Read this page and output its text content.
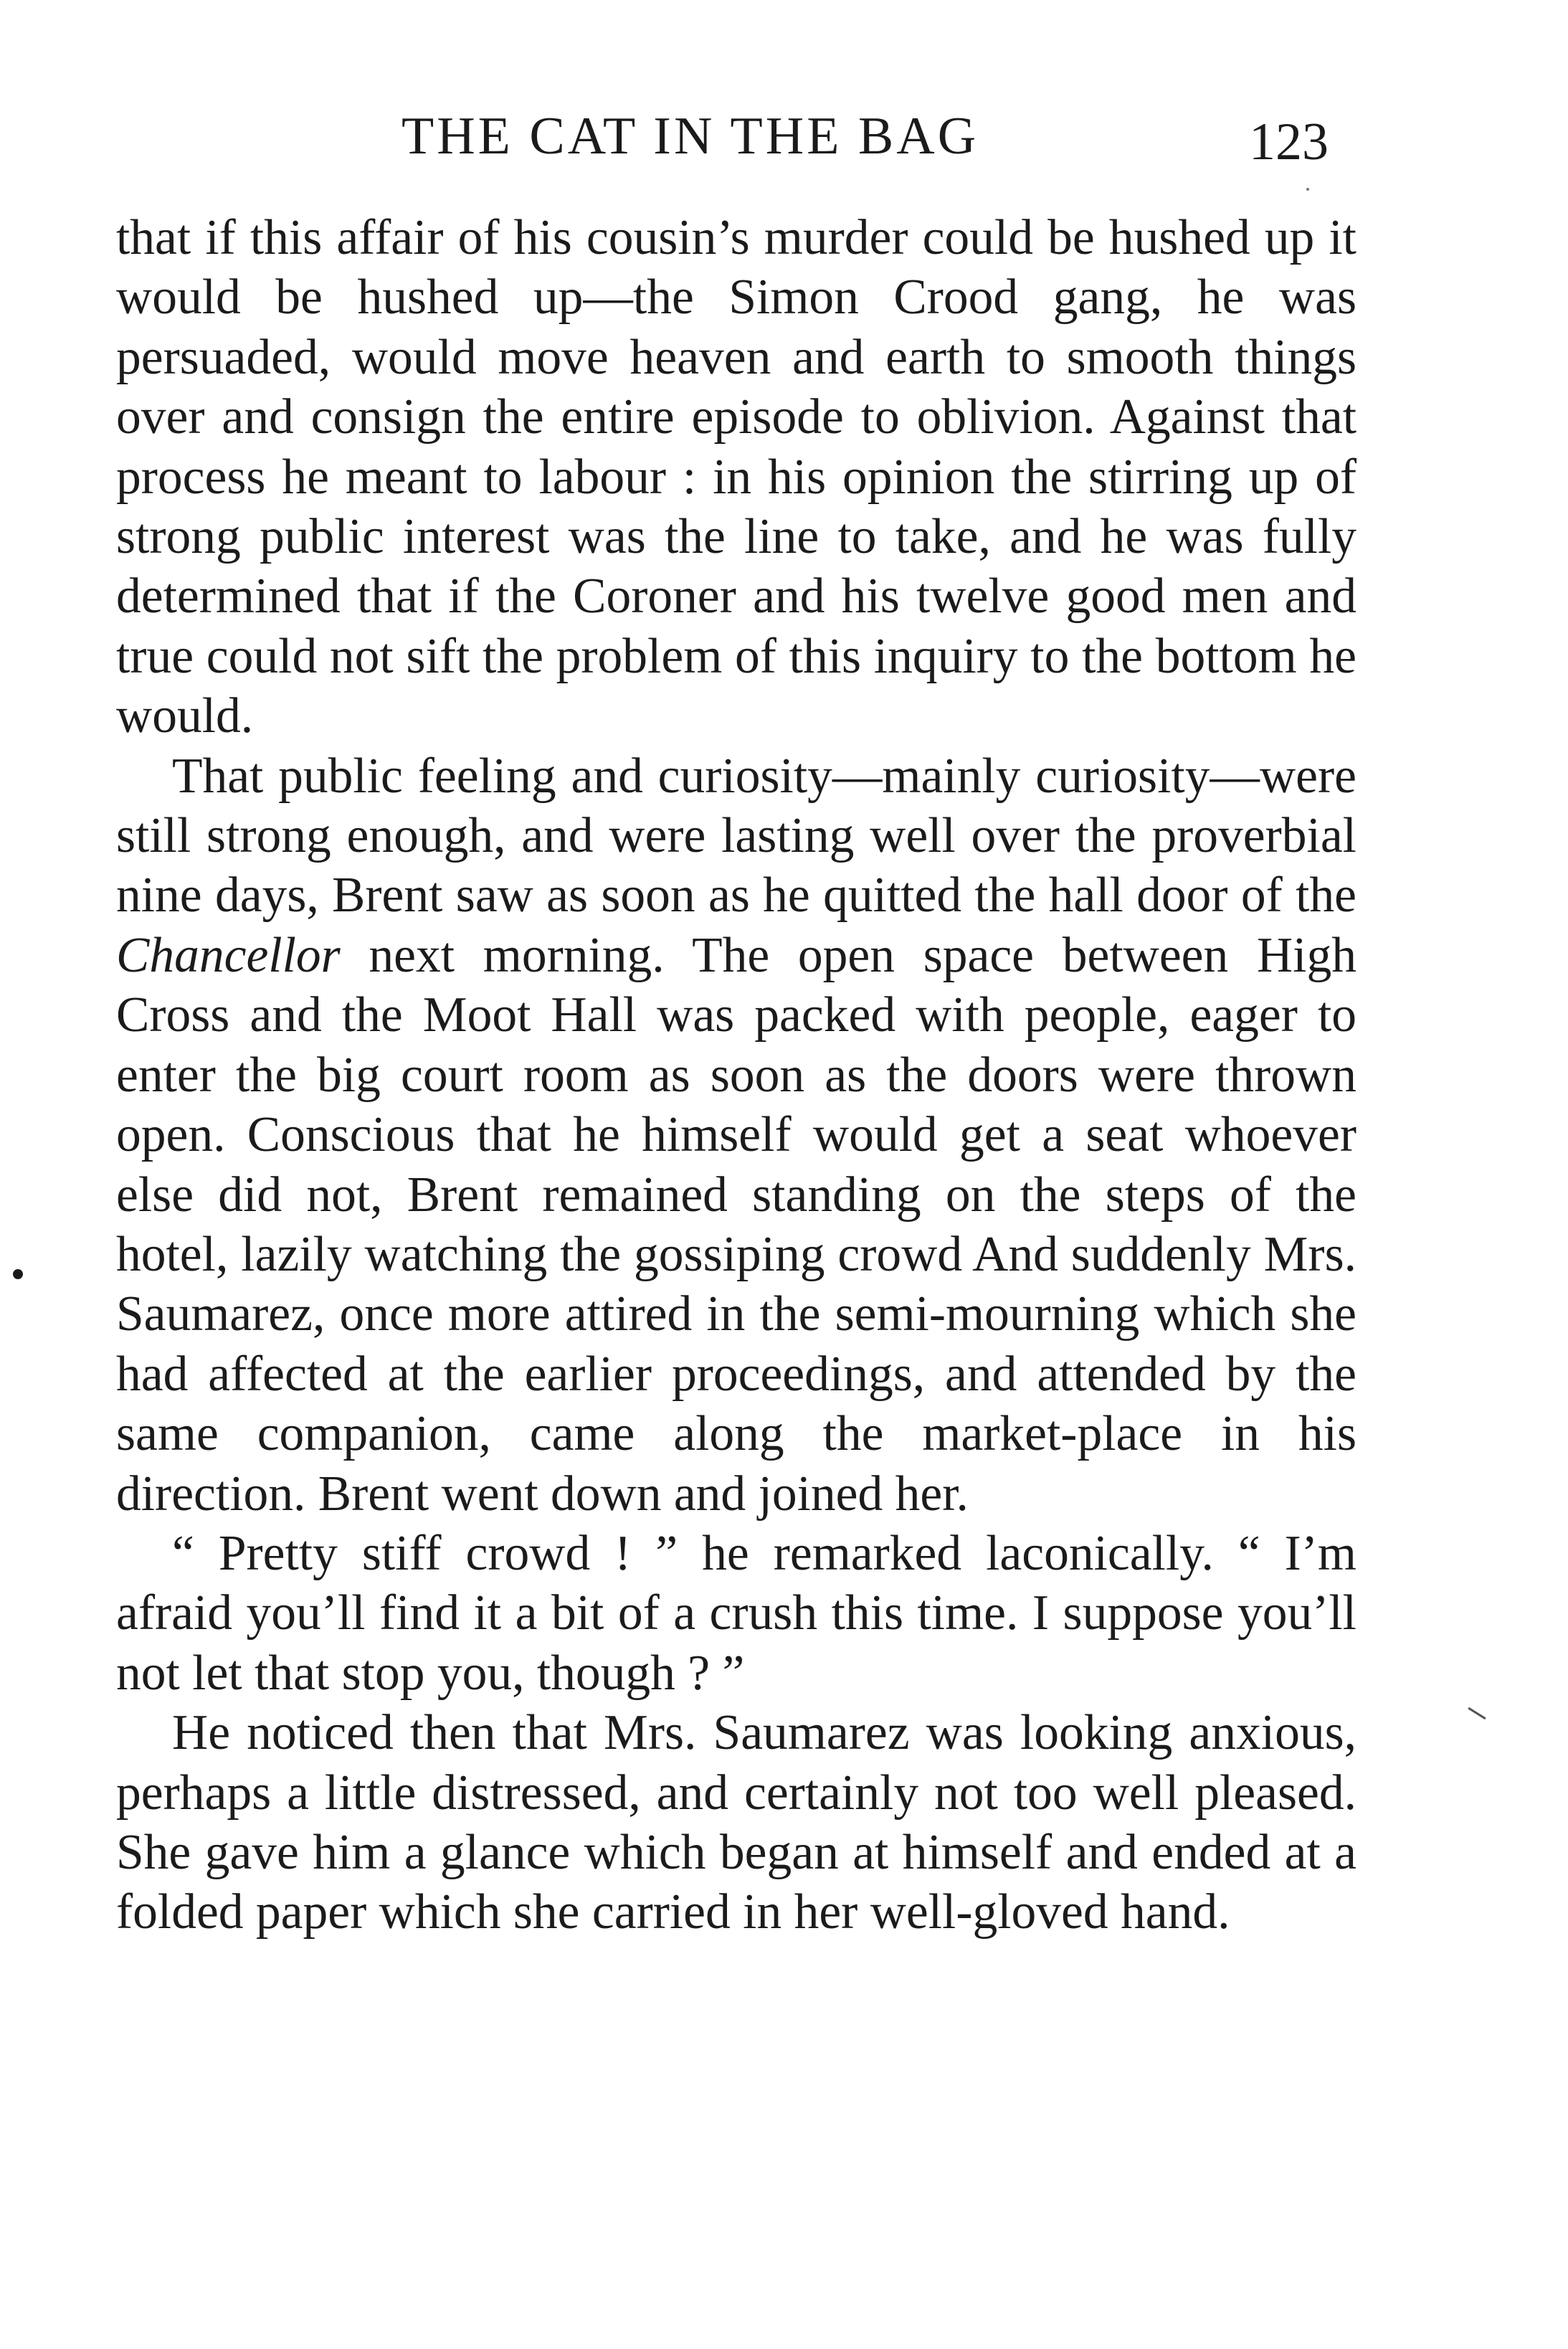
THE CAT IN THE BAG	123

that if this affair of his cousin’s murder could be hushed up it would be hushed up—the Simon Crood gang, he was persuaded, would move heaven and earth to smooth things over and consign the entire episode to oblivion. Against that process he meant to labour : in his opinion the stirring up of strong public interest was the line to take, and he was fully determined that if the Coroner and his twelve good men and true could not sift the problem of this inquiry to the bottom he would.

That public feeling and curiosity—mainly curiosity—were still strong enough, and were lasting well over the proverbial nine days, Brent saw as soon as he quitted the hall door of the Chancellor next morning. The open space between High Cross and the Moot Hall was packed with people, eager to enter the big court room as soon as the doors were thrown open. Conscious that he himself would get a seat whoever else did not, Brent remained standing on the steps of the hotel, lazily watching the gossiping crowd And suddenly Mrs. Saumarez, once more attired in the semi-mourning which she had affected at the earlier proceedings, and attended by the same companion, came along the market-place in his direction. Brent went down and joined her.

“ Pretty stiff crowd ! ” he remarked laconically. “ I’m afraid you’ll find it a bit of a crush this time. I suppose you’ll not let that stop you, though ? ”

He noticed then that Mrs. Saumarez was looking anxious, perhaps a little distressed, and certainly not too well pleased. She gave him a glance which began at himself and ended at a folded paper which she carried in her well-gloved hand.
